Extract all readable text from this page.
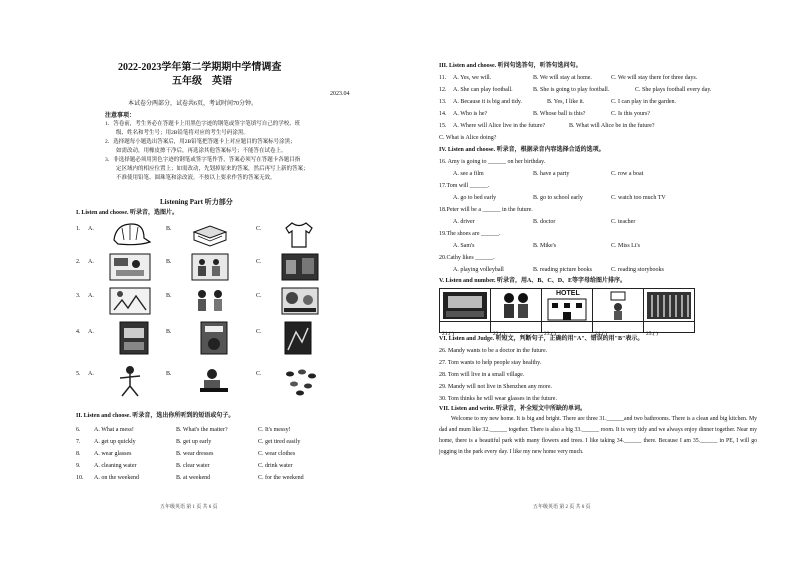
2022-2023学年第二学期期中学情调查
五年级　英语
2023.04
本试卷分两部分，试卷共6页，考试时间70分钟。
注意事项：
1．答卷前，考生务必在答题卡上用黑色字迹的钢笔或签字笔填写自己的学校、班
级、姓名和考生号；用2B铅笔将对应的考生号码涂黑。
2．选择题每小题选出答案后，用2B铅笔把答题卡上对应题目的答案标号涂黑；
如需改动，用橡皮擦干净后，再选涂其他答案标号；不能答在试卷上。
3．非选择题必须用黑色字迹的钢笔或签字笔作答，答案必须写在答题卡各题目指
定区域内的相应位置上；如需改动，先划掉原来的答案，然后再写上新的答案；
不准使用铅笔、圆珠笔和涂改液。不按以上要求作答的答案无效。
Listening Part 听力部分
I. Listen and choose. 听录音，选图片。
1. A.	B.	C.
2. A.	B.	C.
3. A.	B.	C.
4. A.	B.	C.
5. A.	B.	C.
II. Listen and choose. 听录音，选出你所听到的短语或句子。
6. A. What a mess!	B. What's the matter?	C. It's messy!
7. A. get up quickly	B. get up early	C. get tired easily
8. A. wear glasses	B. wear dresses	C. wear clothes
9. A. cleaning water	B. clear water	C. drink water
10. A. on the weekend	B. at weekend	C. for the weekend
五年级英语 第 1 页 共 6 页
III. Listen and choose. 听问句选答句，听答句选问句。
11. A. Yes, we will.	B. We will stay at home.	C. We will stay there for three days.
12. A. She can play football.	B. She is going to play football.	C. She plays football every day.
13. A. Because it is big and tidy.	B. Yes, I like it.	C. I can play in the garden.
14. A. Who is he?	B. Whose ball is this?	C. Is this yours?
15. A. Where will Alice live in the future?	B. What will Alice be in the future?
C. What is Alice doing?
IV. Listen and choose. 听录音，根据录音内容选择合适的选项。
16. Amy is going to ______ on her birthday.
A. see a film	B. have a party	C. row a boat
17.Tom will ______.
A. go to bed early	B. go to school early	C. watch too much TV
18.Peter will be a ______ in the future.
A. driver	B. doctor	C. teacher
19.The shoes are ______.
A. Sam's	B. Mike's	C. Miss Li's
20.Cathy likes ______.
A. playing volleyball	B. reading picture books	C. reading storybooks
V. Listen and number. 听录音，用A、B、C、D、E等字母给图片排序。
HOTEL
21.( )	22.( )	23.( )	24.( )	25.( )
VI. Listen and Judge. 听短文，判断句子，正确的用"A"、错误的用"B"表示。
26. Mandy wants to be a doctor in the future.
27. Tom wants to help people stay healthy.
28. Tom will live in a small village.
29. Mandy will not live in Shenzhen any more.
30. Tom thinks he will wear glasses in the future.
VII. Listen and write. 听录音，补全短文中所缺的单词。
Welcome to my new home. It is big and bright. There are three 31.______and two bathrooms. There is a clean and big kitchen. My dad and mum like 32.______ together. There is also a big 33.______ room. It is very tidy and we always enjoy dinner together. Near my home, there is a beautiful park with many flowers and trees. I like taking 34.______ there. Because I am 35.______ in PE, I will go jogging in the park every day. I like my new home very much.
五年级英语 第 2 页 共 6 页
